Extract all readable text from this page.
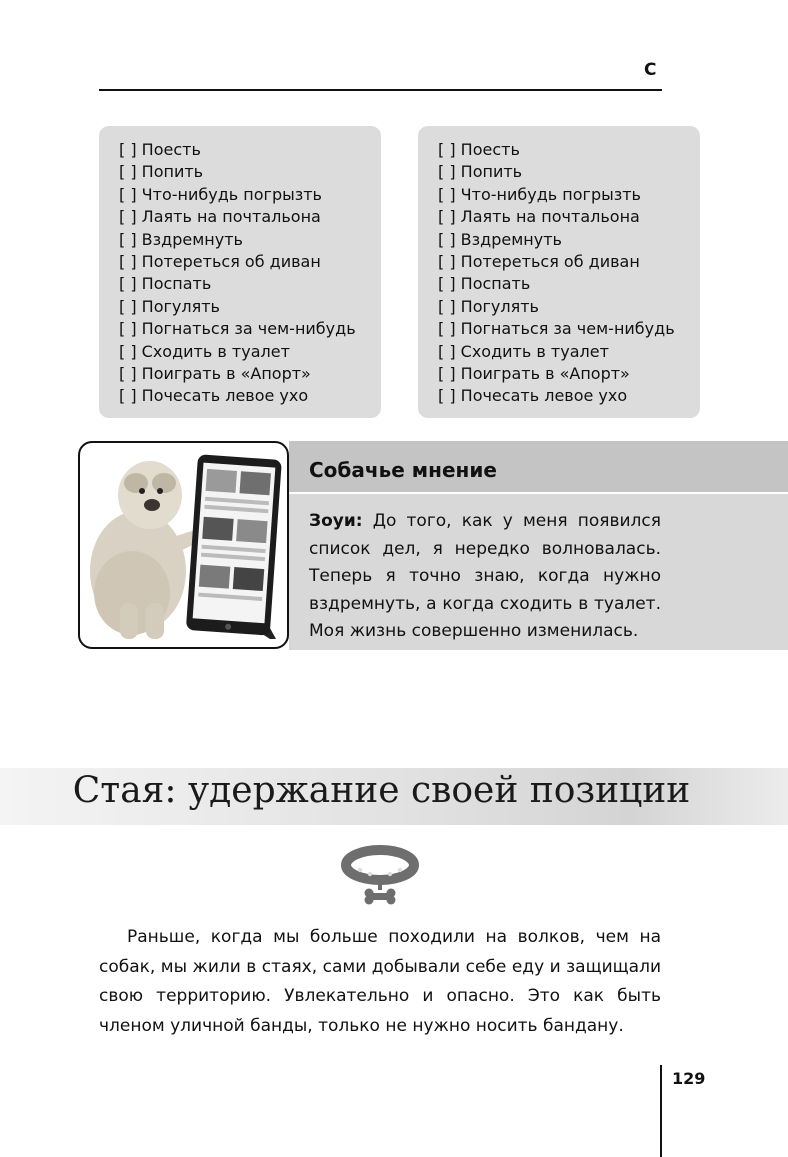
С
[ ] Поесть
[ ] Попить
[ ] Что-нибудь погрызть
[ ] Лаять на почтальона
[ ] Вздремнуть
[ ] Потереться об диван
[ ] Поспать
[ ] Погулять
[ ] Погнаться за чем-нибудь
[ ] Сходить в туалет
[ ] Поиграть в «Апорт»
[ ] Почесать левое ухо
[ ] Поесть
[ ] Попить
[ ] Что-нибудь погрызть
[ ] Лаять на почтальона
[ ] Вздремнуть
[ ] Потереться об диван
[ ] Поспать
[ ] Погулять
[ ] Погнаться за чем-нибудь
[ ] Сходить в туалет
[ ] Поиграть в «Апорт»
[ ] Почесать левое ухо
Собачье мнение

Зоуи: До того, как у меня появился список дел, я нередко волновалась. Теперь я точно знаю, когда нужно вздремнуть, а когда сходить в туалет. Моя жизнь совершенно изменилась.

Стая: удержание своей позиции

Раньше, когда мы больше походили на волков, чем на собак, мы жили в стаях, сами добывали себе еду и защищали свою территорию. Увлекательно и опасно. Это как быть членом уличной банды, только не нужно носить бандану.

129
